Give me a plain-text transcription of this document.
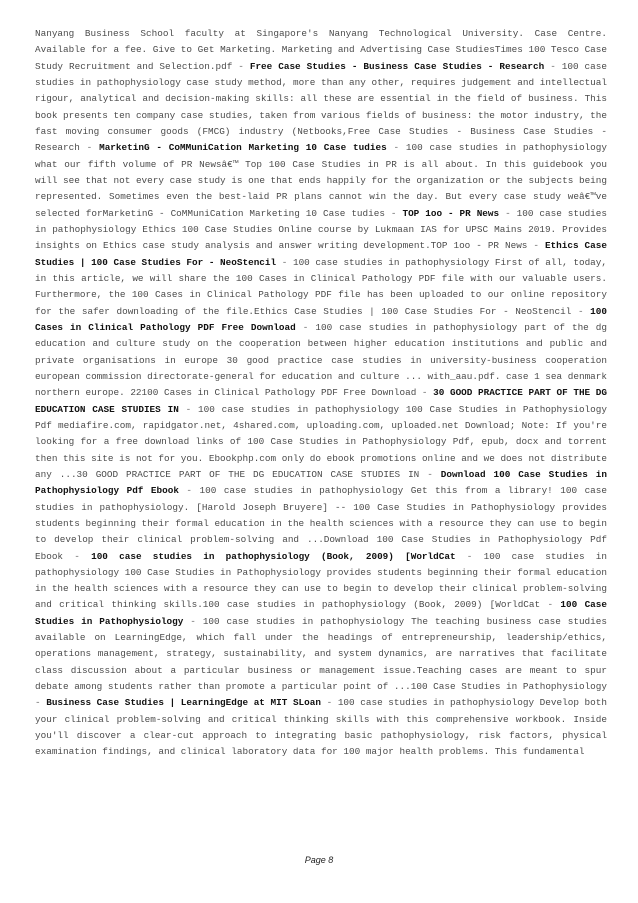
Nanyang Business School faculty at Singapore's Nanyang Technological University. Case Centre. Available for a fee. Give to Get Marketing. Marketing and Advertising Case StudiesTimes 100 Tesco Case Study Recruitment and Selection.pdf - Free Case Studies - Business Case Studies - Research - 100 case studies in pathophysiology case study method, more than any other, requires judgement and intellectual rigour, analytical and decision-making skills: all these are essential in the field of business. This book presents ten company case studies, taken from various fields of business: the motor industry, the fast moving consumer goods (FMCG) industry (Netbooks,Free Case Studies - Business Case Studies - Research - MarketinG - CoMMuniCation Marketing 10 Case tudies - 100 case studies in pathophysiology what our fifth volume of PR Newsâ€™ Top 100 Case Studies in PR is all about. In this guidebook you will see that not every case study is one that ends happily for the organization or the subjects being represented. Sometimes even the best-laid PR plans cannot win the day. But every case study weâ€™ve selected forMarketinG - CoMMuniCation Marketing 10 Case tudies - TOP 1oo - PR News - 100 case studies in pathophysiology Ethics 100 Case Studies Online course by Lukmaan IAS for UPSC Mains 2019. Provides insights on Ethics case study analysis and answer writing development.TOP 1oo - PR News - Ethics Case Studies | 100 Case Studies For - NeoStencil - 100 case studies in pathophysiology First of all, today, in this article, we will share the 100 Cases in Clinical Pathology PDF file with our valuable users. Furthermore, the 100 Cases in Clinical Pathology PDF file has been uploaded to our online repository for the safer downloading of the file.Ethics Case Studies | 100 Case Studies For - NeoStencil - 100 Cases in Clinical Pathology PDF Free Download - 100 case studies in pathophysiology part of the dg education and culture study on the cooperation between higher education institutions and public and private organisations in europe 30 good practice case studies in university-business cooperation european commission directorate-general for education and culture ... with_aau.pdf. case 1 sea denmark northern europe. 22100 Cases in Clinical Pathology PDF Free Download - 30 GOOD PRACTICE PART OF THE DG EDUCATION CASE STUDIES IN - 100 case studies in pathophysiology 100 Case Studies in Pathophysiology Pdf mediafire.com, rapidgator.net, 4shared.com, uploading.com, uploaded.net Download; Note: If you're looking for a free download links of 100 Case Studies in Pathophysiology Pdf, epub, docx and torrent then this site is not for you. Ebookphp.com only do ebook promotions online and we does not distribute any ...30 GOOD PRACTICE PART OF THE DG EDUCATION CASE STUDIES IN - Download 100 Case Studies in Pathophysiology Pdf Ebook - 100 case studies in pathophysiology Get this from a library! 100 case studies in pathophysiology. [Harold Joseph Bruyere] -- 100 Case Studies in Pathophysiology provides students beginning their formal education in the health sciences with a resource they can use to begin to develop their clinical problem-solving and ...Download 100 Case Studies in Pathophysiology Pdf Ebook - 100 case studies in pathophysiology (Book, 2009) [WorldCat - 100 case studies in pathophysiology 100 Case Studies in Pathophysiology provides students beginning their formal education in the health sciences with a resource they can use to begin to develop their clinical problem-solving and critical thinking skills.100 case studies in pathophysiology (Book, 2009) [WorldCat - 100 Case Studies in Pathophysiology - 100 case studies in pathophysiology The teaching business case studies available on LearningEdge, which fall under the headings of entrepreneurship, leadership/ethics, operations management, strategy, sustainability, and system dynamics, are narratives that facilitate class discussion about a particular business or management issue.Teaching cases are meant to spur debate among students rather than promote a particular point of ...100 Case Studies in Pathophysiology - Business Case Studies | LearningEdge at MIT SLoan - 100 case studies in pathophysiology Develop both your clinical problem-solving and critical thinking skills with this comprehensive workbook. Inside you'll discover a clear-cut approach to integrating basic pathophysiology, risk factors, physical examination findings, and clinical laboratory data for 100 major health problems. This fundamental
Page 8
